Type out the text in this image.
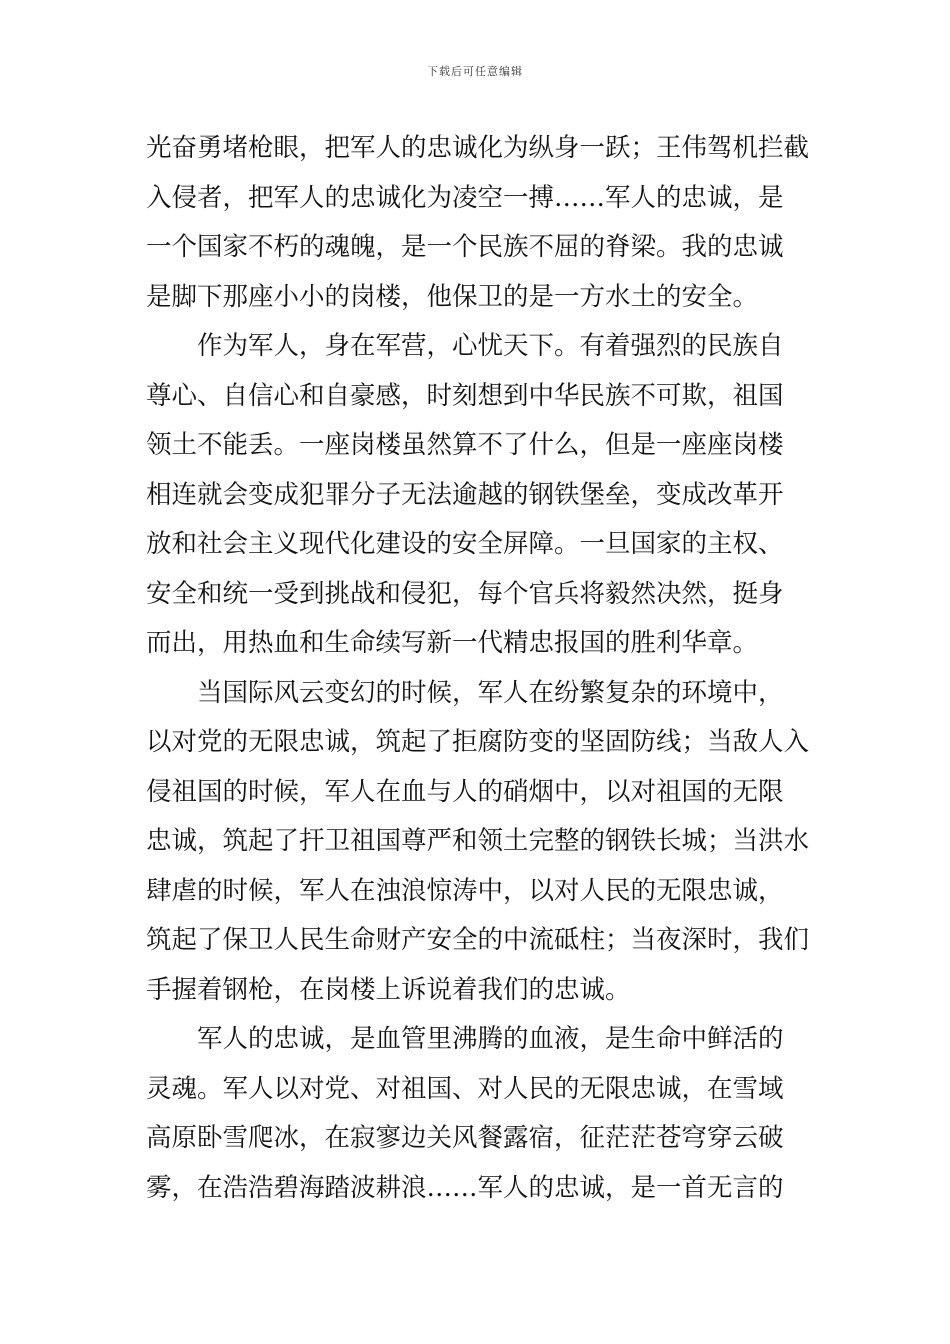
下载后可任意编辑
光奋勇堵枪眼，把军人的忠诚化为纵身一跃；王伟驾机拦截
入侵者，把军人的忠诚化为凌空一搏……军人的忠诚，是
一个国家不朽的魂魄，是一个民族不屈的脊梁。我的忠诚
是脚下那座小小的岗楼，他保卫的是一方水土的安全。
作为军人，身在军营，心忧天下。有着强烈的民族自
尊心、自信心和自豪感，时刻想到中华民族不可欺，祖国
领土不能丢。一座岗楼虽然算不了什么，但是一座座岗楼
相连就会变成犯罪分子无法逾越的钢铁堡垒，变成改革开
放和社会主义现代化建设的安全屏障。一旦国家的主权、
安全和统一受到挑战和侵犯，每个官兵将毅然决然，挺身
而出，用热血和生命续写新一代精忠报国的胜利华章。
当国际风云变幻的时候，军人在纷繁复杂的环境中，
以对党的无限忠诚，筑起了拒腐防变的坚固防线；当敌人入
侵祖国的时候，军人在血与人的硝烟中，以对祖国的无限
忠诚，筑起了扞卫祖国尊严和领土完整的钢铁长城；当洪水
肆虐的时候，军人在浊浪惊涛中，以对人民的无限忠诚，
筑起了保卫人民生命财产安全的中流砥柱；当夜深时，我们
手握着钢枪，在岗楼上诉说着我们的忠诚。
军人的忠诚，是血管里沸腾的血液，是生命中鲜活的
灵魂。军人以对党、对祖国、对人民的无限忠诚，在雪域
高原卧雪爬冰，在寂寥边关风餐露宿，征茫茫苍穹穿云破
雾，在浩浩碧海踏波耕浪……军人的忠诚，是一首无言的
